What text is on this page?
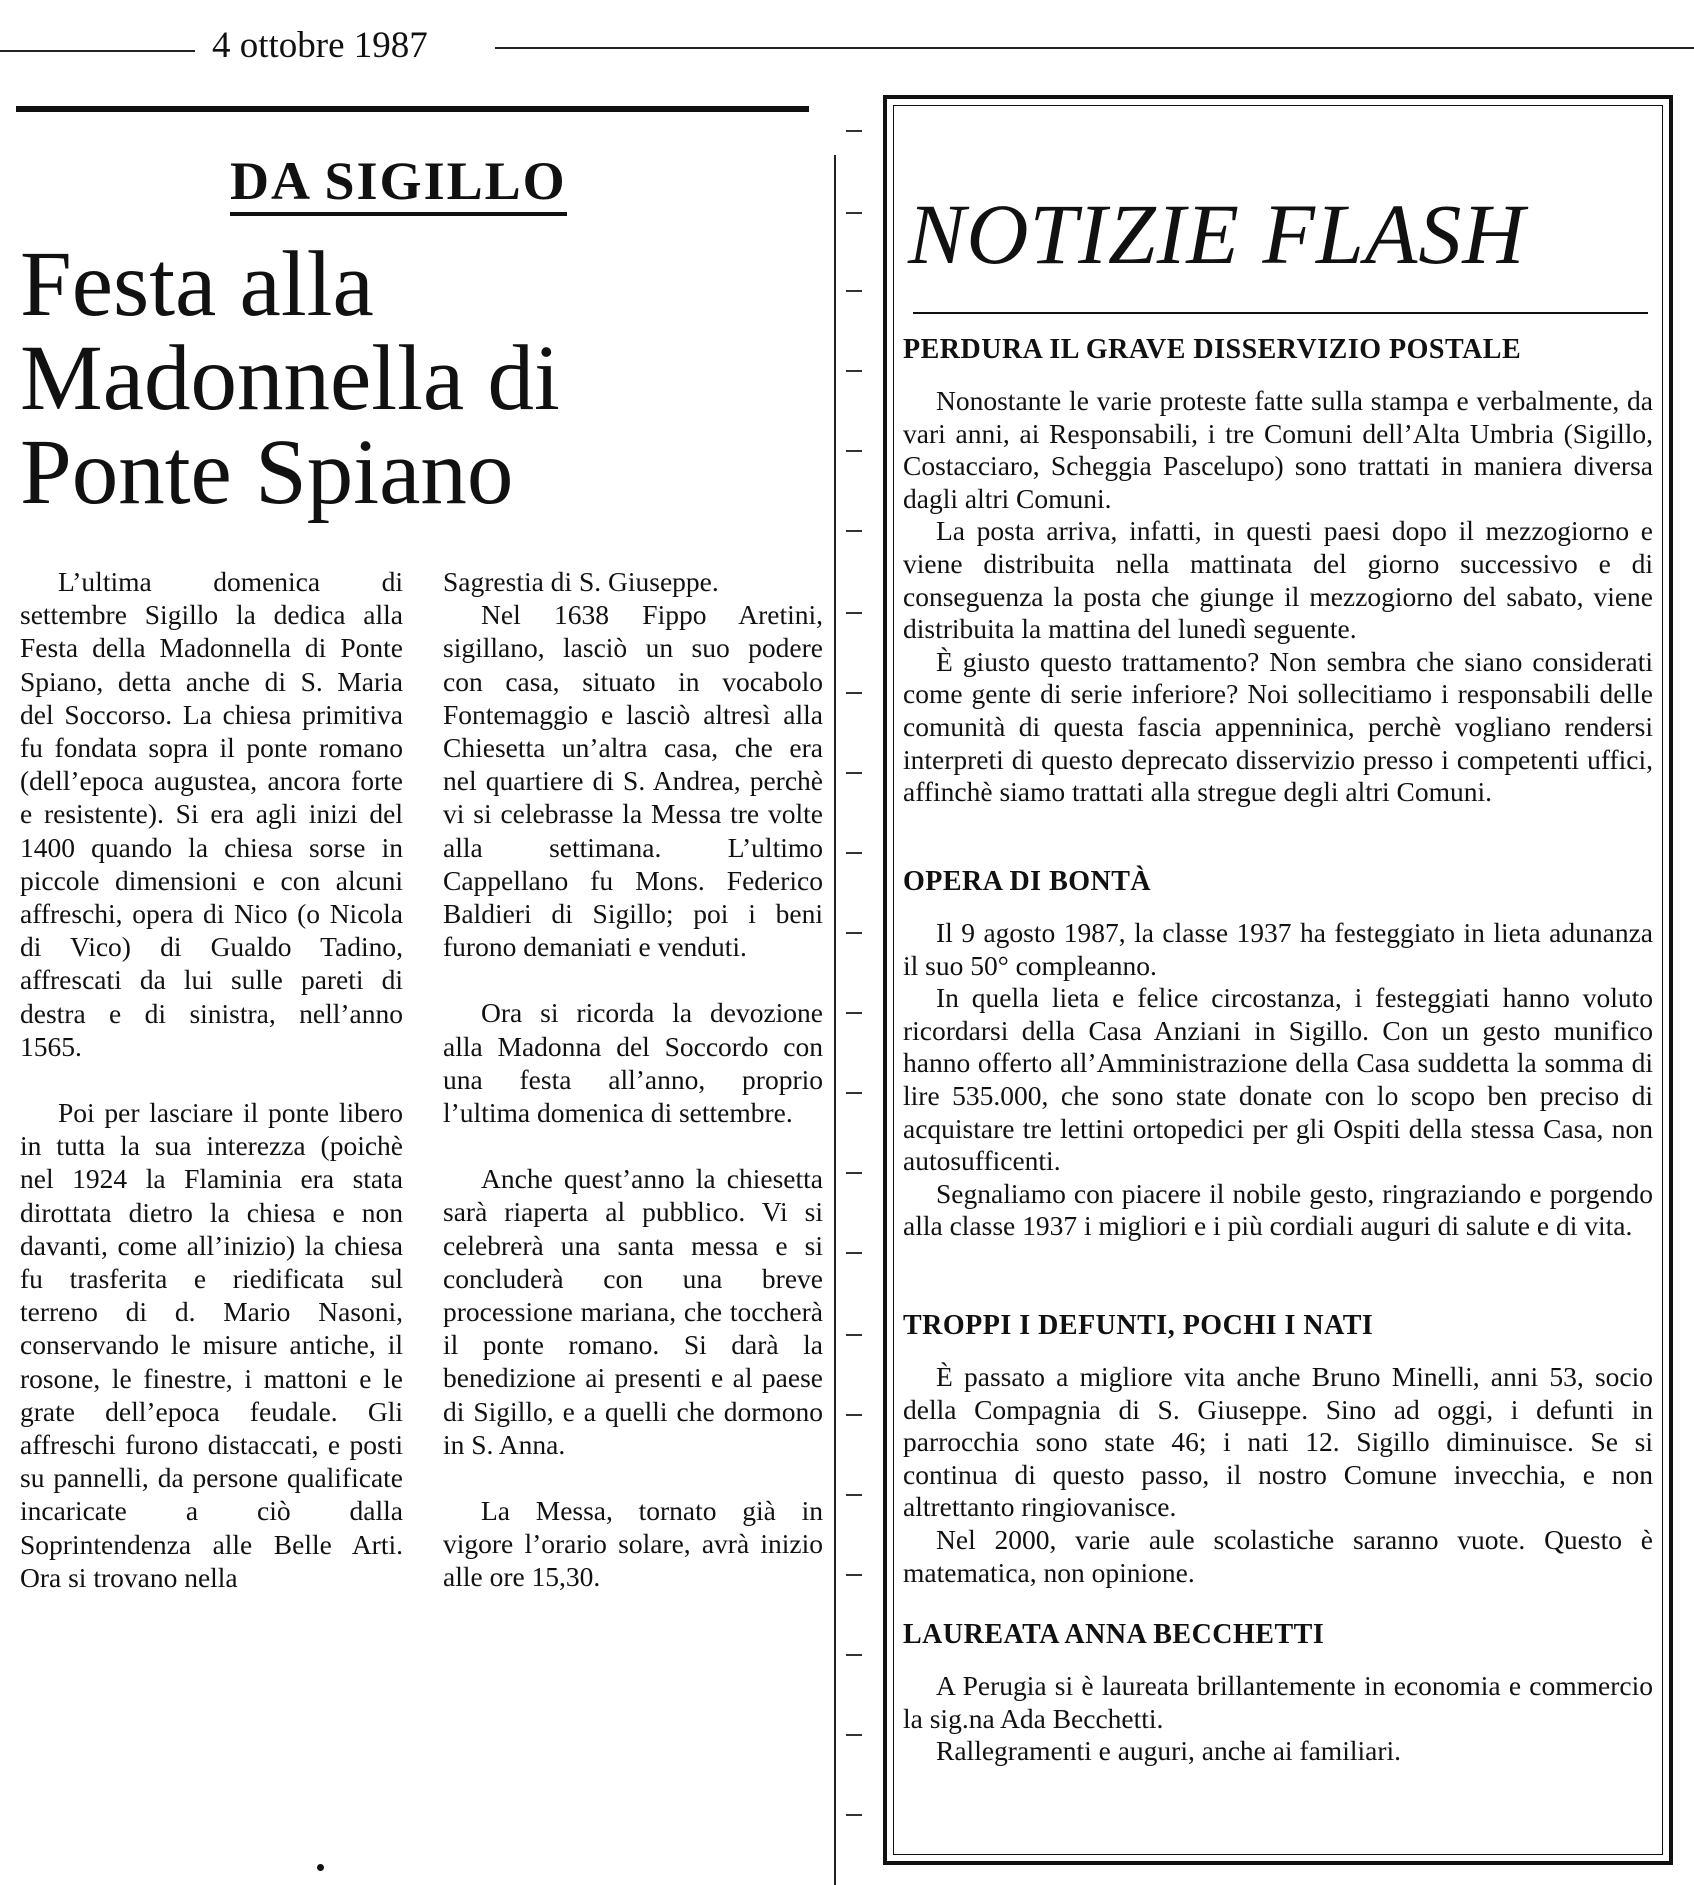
4 ottobre 1987
DA SIGILLO
Festa alla
Madonnella di
Ponte Spiano

L’ultima domenica di settembre Sigillo la dedica alla Festa della Madonnella di Ponte Spiano, detta anche di S. Maria del Soccorso. La chiesa primitiva fu fondata sopra il ponte romano (dell’epoca augustea, ancora forte e resistente). Si era agli inizi del 1400 quando la chiesa sorse in piccole dimensioni e con alcuni affreschi, opera di Nico (o Nicola di Vico) di Gualdo Tadino, affrescati da lui sulle pareti di destra e di sinistra, nell’anno 1565.

Poi per lasciare il ponte libero in tutta la sua interezza (poichè nel 1924 la Flaminia era stata dirottata dietro la chiesa e non davanti, come all’inizio) la chiesa fu trasferita e riedificata sul terreno di d. Mario Nasoni, conservando le misure antiche, il rosone, le finestre, i mattoni e le grate dell’epoca feudale. Gli affreschi furono distaccati, e posti su pannelli, da persone qualificate incaricate a ciò dalla Soprintendenza alle Belle Arti. Ora si trovano nella

Sagrestia di S. Giuseppe.

Nel 1638 Fippo Aretini, sigillano, lasciò un suo podere con casa, situato in vocabolo Fontemaggio e lasciò altresì alla Chiesetta un’altra casa, che era nel quartiere di S. Andrea, perchè vi si celebrasse la Messa tre volte alla settimana. L’ultimo Cappellano fu Mons. Federico Baldieri di Sigillo; poi i beni furono demaniati e venduti.

Ora si ricorda la devozione alla Madonna del Soccordo con una festa all’anno, proprio l’ultima domenica di settembre.

Anche quest’anno la chiesetta sarà riaperta al pubblico. Vi si celebrerà una santa messa e si concluderà con una breve processione mariana, che toccherà il ponte romano. Si darà la benedizione ai presenti e al paese di Sigillo, e a quelli che dormono in S. Anna.

La Messa, tornato già in vigore l’orario solare, avrà inizio alle ore 15,30.

NOTIZIE FLASH
PERDURA IL GRAVE DISSERVIZIO POSTALE

Nonostante le varie proteste fatte sulla stampa e verbalmente, da vari anni, ai Responsabili, i tre Comuni dell’Alta Umbria (Sigillo, Costacciaro, Scheggia Pascelupo) sono trattati in maniera diversa dagli altri Comuni.

La posta arriva, infatti, in questi paesi dopo il mezzogiorno e viene distribuita nella mattinata del giorno successivo e di conseguenza la posta che giunge il mezzogiorno del sabato, viene distribuita la mattina del lunedì seguente.

È giusto questo trattamento? Non sembra che siano considerati come gente di serie inferiore? Noi sollecitiamo i responsabili delle comunità di questa fascia appenninica, perchè vogliano rendersi interpreti di questo deprecato disservizio presso i competenti uffici, affinchè siamo trattati alla stregue degli altri Comuni.

OPERA DI BONTÀ

Il 9 agosto 1987, la classe 1937 ha festeggiato in lieta adunanza il suo 50° compleanno.

In quella lieta e felice circostanza, i festeggiati hanno voluto ricordarsi della Casa Anziani in Sigillo. Con un gesto munifico hanno offerto all’Amministrazione della Casa suddetta la somma di lire 535.000, che sono state donate con lo scopo ben preciso di acquistare tre lettini ortopedici per gli Ospiti della stessa Casa, non autosufficenti.

Segnaliamo con piacere il nobile gesto, ringraziando e porgendo alla classe 1937 i migliori e i più cordiali auguri di salute e di vita.

TROPPI I DEFUNTI, POCHI I NATI

È passato a migliore vita anche Bruno Minelli, anni 53, socio della Compagnia di S. Giuseppe. Sino ad oggi, i defunti in parrocchia sono state 46; i nati 12. Sigillo diminuisce. Se si continua di questo passo, il nostro Comune invecchia, e non altrettanto ringiovanisce.

Nel 2000, varie aule scolastiche saranno vuote. Questo è matematica, non opinione.

LAUREATA ANNA BECCHETTI

A Perugia si è laureata brillantemente in economia e commercio la sig.na Ada Becchetti.

Rallegramenti e auguri, anche ai familiari.
